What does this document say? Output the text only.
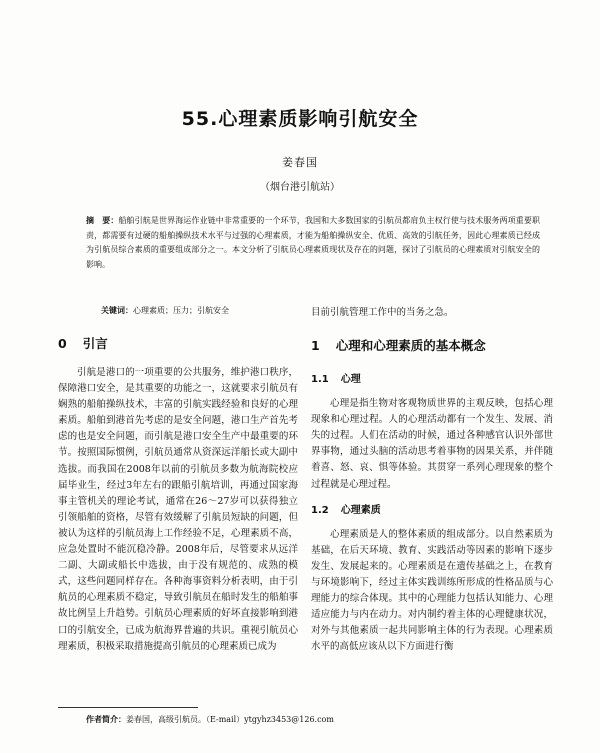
55.心理素质影响引航安全
姜春国
（烟台港引航站）
摘　要：船舶引航是世界海运作业链中非常重要的一个环节，我国和大多数国家的引航员都肩负主权行使与技术服务两项重要职责，都需要有过硬的船舶操纵技术水平与过强的心理素质，才能为船舶操纵安全、优质、高效的引航任务，因此心理素质已经成为引航员综合素质的重要组成部分之一。本文分析了引航员心理素质现状及存在的问题，探讨了引航员的心理素质对引航安全的影响。
关键词：心理素质；压力；引航安全
0 引言

引航是港口的一项重要的公共服务，维护港口秩序，保障港口安全，是其重要的功能之一，这就要求引航员有娴熟的船舶操纵技术，丰富的引航实践经验和良好的心理素质。船舶到港首先考虑的是安全问题，港口生产首先考虑的也是安全问题，而引航是港口安全生产中最重要的环节。按照国际惯例，引航员通常从资深远洋船长或大副中选拔。而我国在2008年以前的引航员多数为航海院校应届毕业生，经过3年左右的跟船引航培训，再通过国家海事主管机关的理论考试，通常在26～27岁可以获得独立引领船舶的资格，尽管有效缓解了引航员短缺的问题，但被认为这样的引航员海上工作经验不足，心理素质不高，应急处置时不能沉稳冷静。2008年后，尽管要求从远洋二副、大副或船长中选拔，由于没有规范的、成熟的模式，这些问题同样存在。各种海事资料分析表明，由于引航员的心理素质不稳定，导致引航员在船时发生的船舶事故比例呈上升趋势。引航员心理素质的好坏直接影响到港口的引航安全，已成为航海界普遍的共识。重视引航员心理素质，积极采取措施提高引航员的心理素质已成为

目前引航管理工作中的当务之急。

1 心理和心理素质的基本概念
1.1 心理

心理是指生物对客观物质世界的主观反映，包括心理现象和心理过程。人的心理活动都有一个发生、发展、消失的过程。人们在活动的时候，通过各种感官认识外部世界事物，通过头脑的活动思考着事物的因果关系，并伴随着喜、怒、哀、惧等体验。其贯穿一系列心理现象的整个过程就是心理过程。

1.2 心理素质

心理素质是人的整体素质的组成部分。以自然素质为基础，在后天环境、教育、实践活动等因素的影响下逐步发生、发展起来的。心理素质是在遗传基础之上，在教育与环境影响下，经过主体实践训练所形成的性格品质与心理能力的综合体现。其中的心理能力包括认知能力、心理适应能力与内在动力。对内制约着主体的心理健康状况，对外与其他素质一起共同影响主体的行为表现。心理素质水平的高低应该从以下方面进行衡

作者简介：姜春国，高级引航员。（E-mail）ytgyhz3453@126.com
